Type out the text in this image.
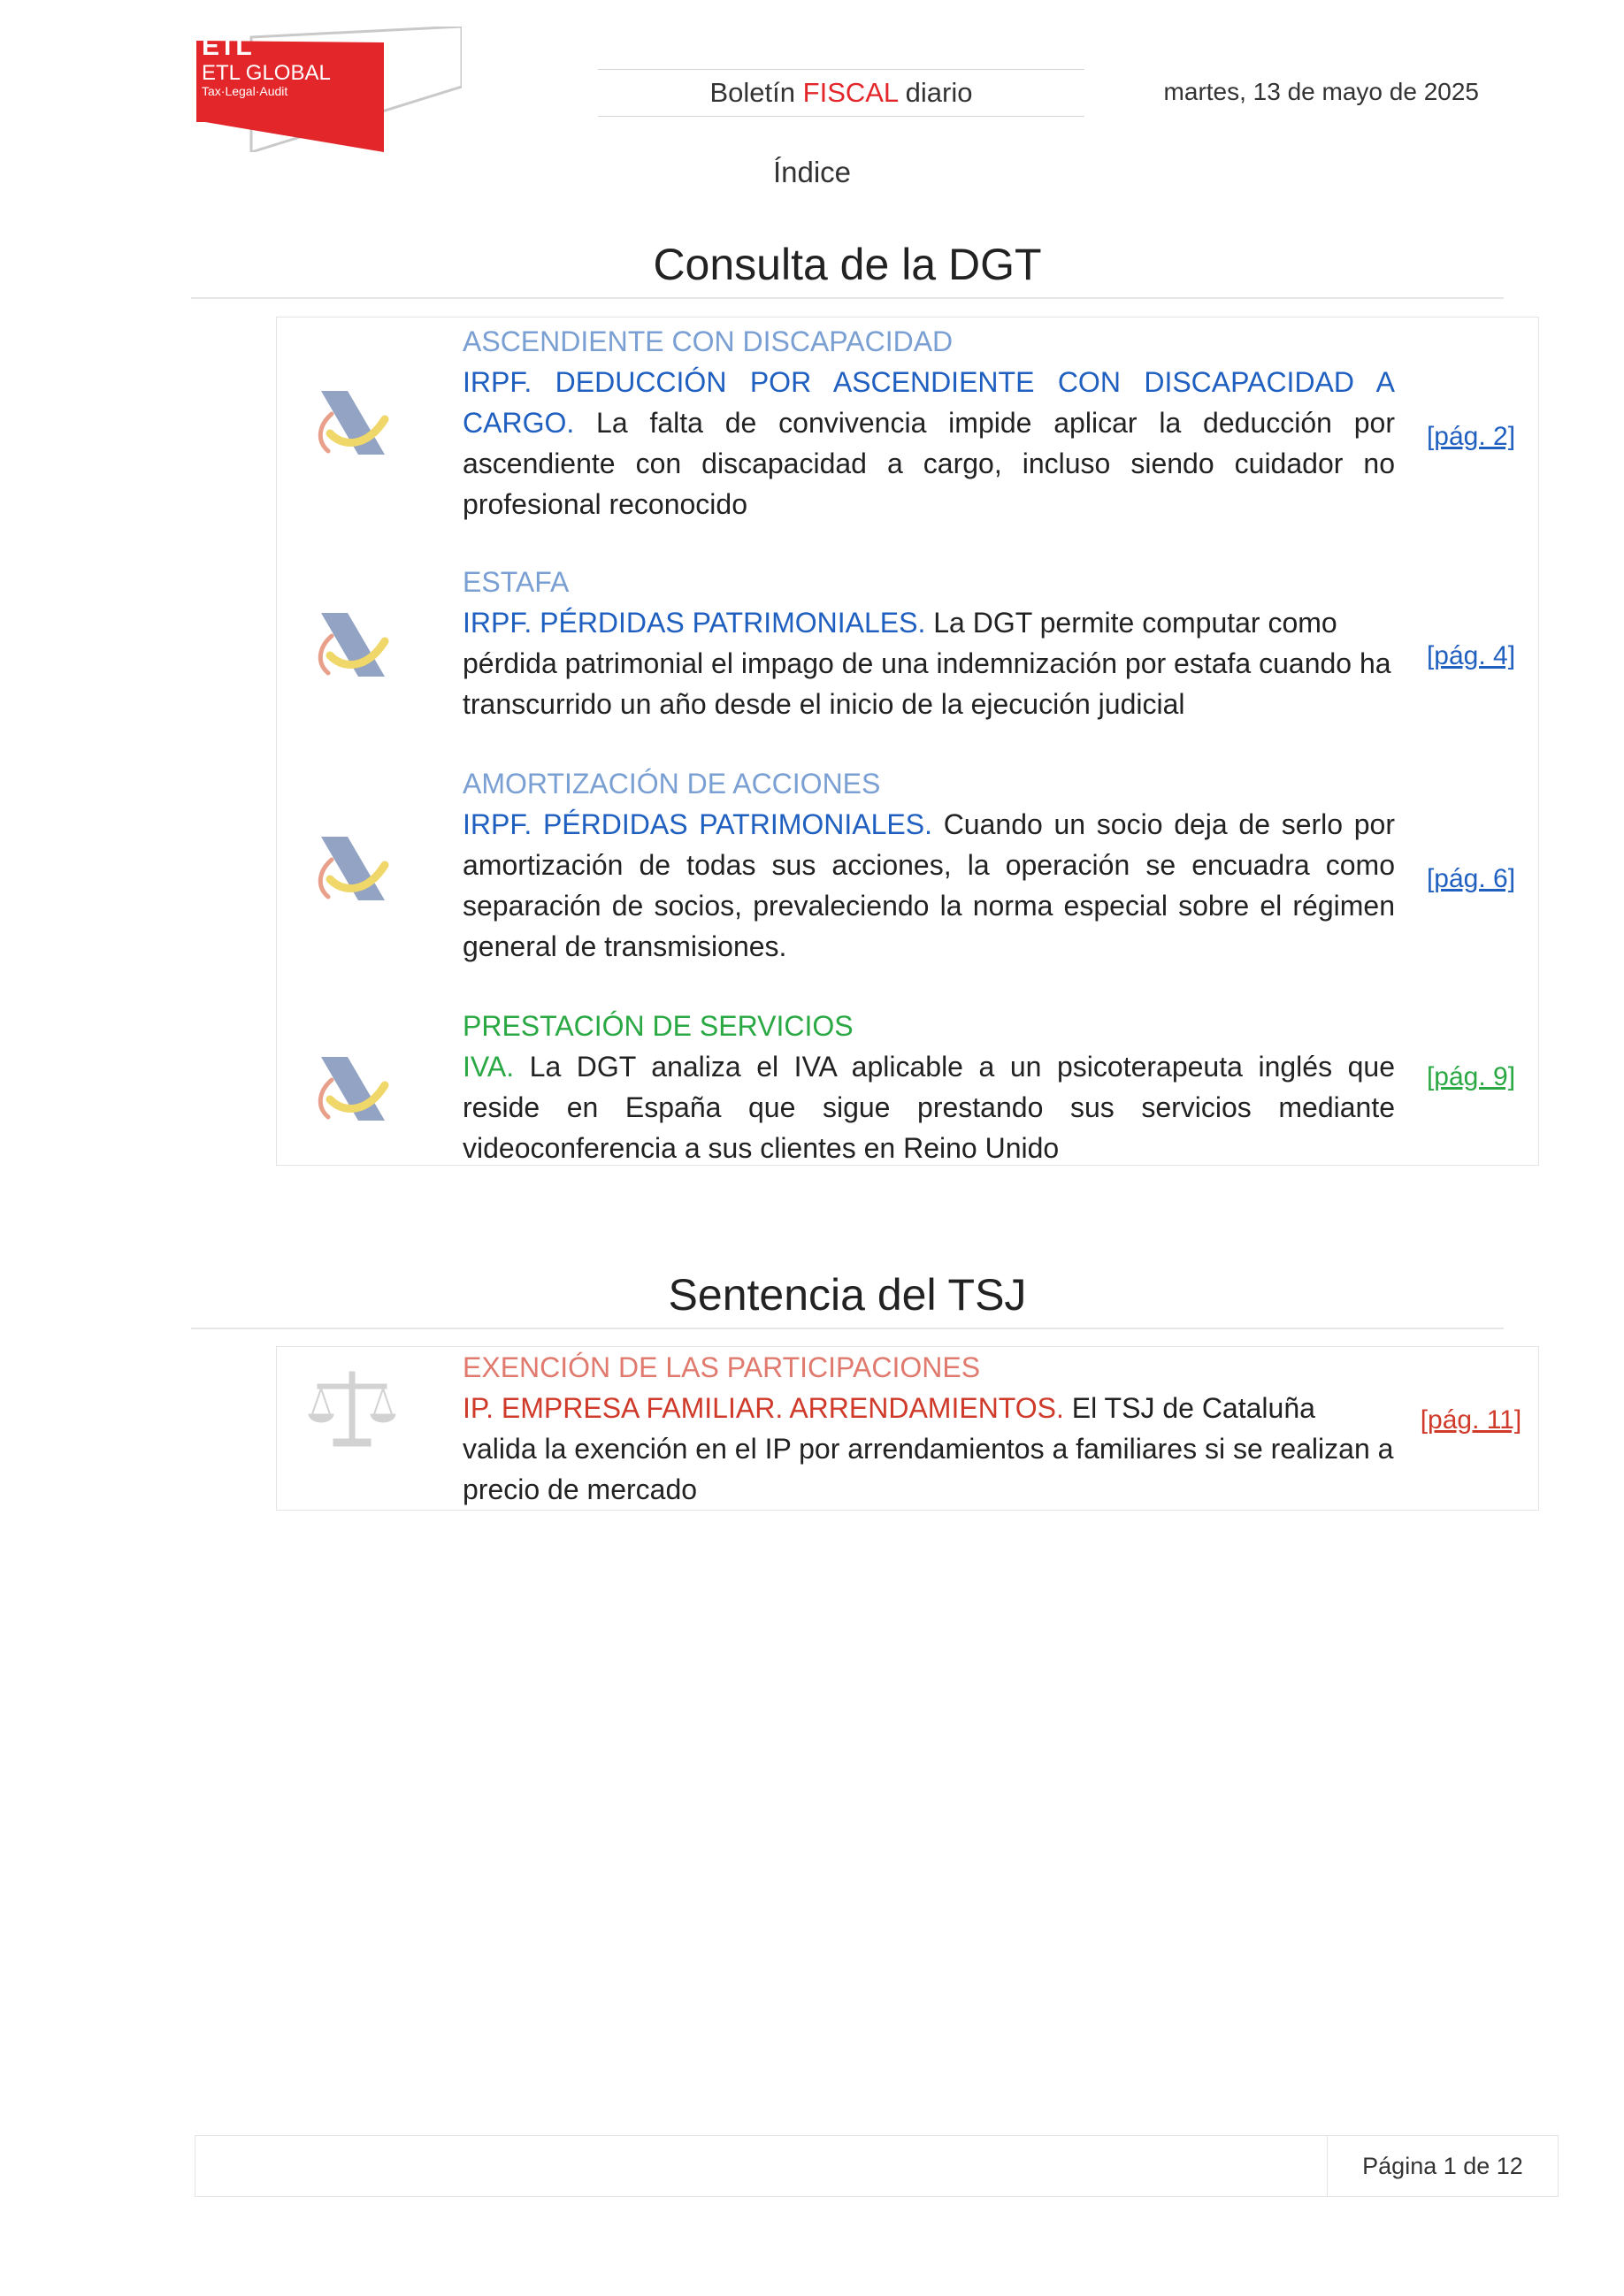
ETL
ETL GLOBAL
Tax·Legal·Audit	Boletín FISCAL diario	martes, 13 de mayo de 2025
Índice
Consulta de la DGT
ASCENDIENTE CON DISCAPACIDAD
IRPF. DEDUCCIÓN POR ASCENDIENTE CON DISCAPACIDAD A CARGO. La falta de convivencia impide aplicar la deducción por ascendiente con discapacidad a cargo, incluso siendo cuidador no profesional reconocido
[pág. 2]
ESTAFA
IRPF. PÉRDIDAS PATRIMONIALES. La DGT permite computar como pérdida patrimonial el impago de una indemnización por estafa cuando ha transcurrido un año desde el inicio de la ejecución judicial
[pág. 4]
AMORTIZACIÓN DE ACCIONES
IRPF. PÉRDIDAS PATRIMONIALES. Cuando un socio deja de serlo por amortización de todas sus acciones, la operación se encuadra como separación de socios, prevaleciendo la norma especial sobre el régimen general de transmisiones.
[pág. 6]
PRESTACIÓN DE SERVICIOS
IVA. La DGT analiza el IVA aplicable a un psicoterapeuta inglés que reside en España que sigue prestando sus servicios mediante videoconferencia a sus clientes en Reino Unido
[pág. 9]
Sentencia del TSJ
EXENCIÓN DE LAS PARTICIPACIONES
IP. EMPRESA FAMILIAR. ARRENDAMIENTOS. El TSJ de Cataluña valida la exención en el IP por arrendamientos a familiares si se realizan a precio de mercado
[pág. 11]
Página 1 de 12
